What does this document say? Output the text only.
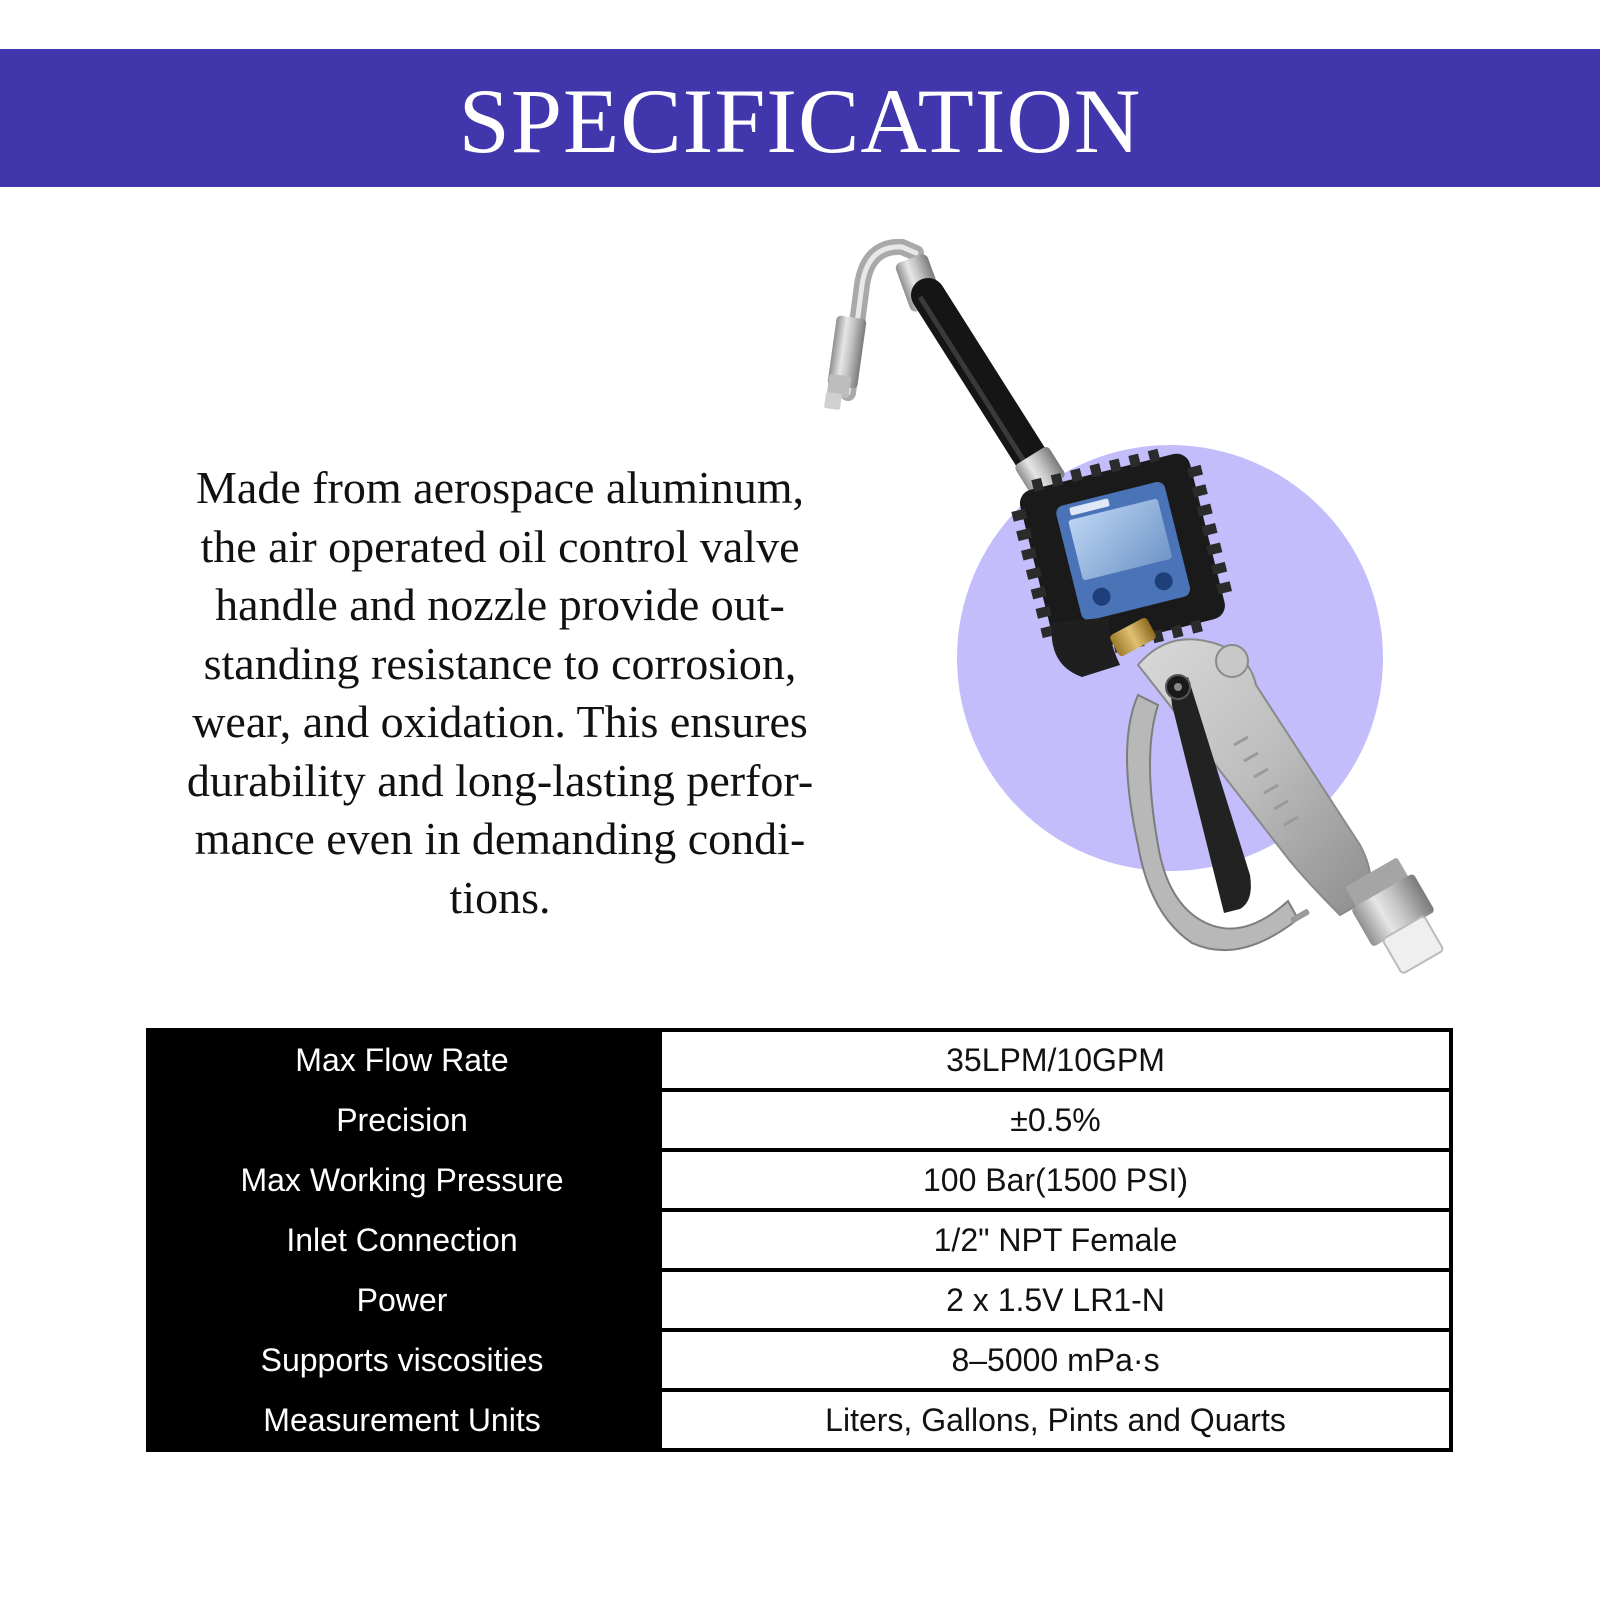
SPECIFICATION
Made from aerospace aluminum,
the air operated oil control valve
handle and nozzle provide out-
standing resistance to corrosion,
wear, and oxidation. This ensures
durability and long-lasting perfor-
mance even in demanding condi-
tions.
Max Flow Rate	35LPM/10GPM
Precision	±0.5%
Max Working Pressure	100 Bar(1500 PSI)
Inlet Connection	1/2" NPT Female
Power	2 x 1.5V LR1-N
Supports viscosities	8–5000 mPa·s
Measurement Units	Liters, Gallons, Pints and Quarts
